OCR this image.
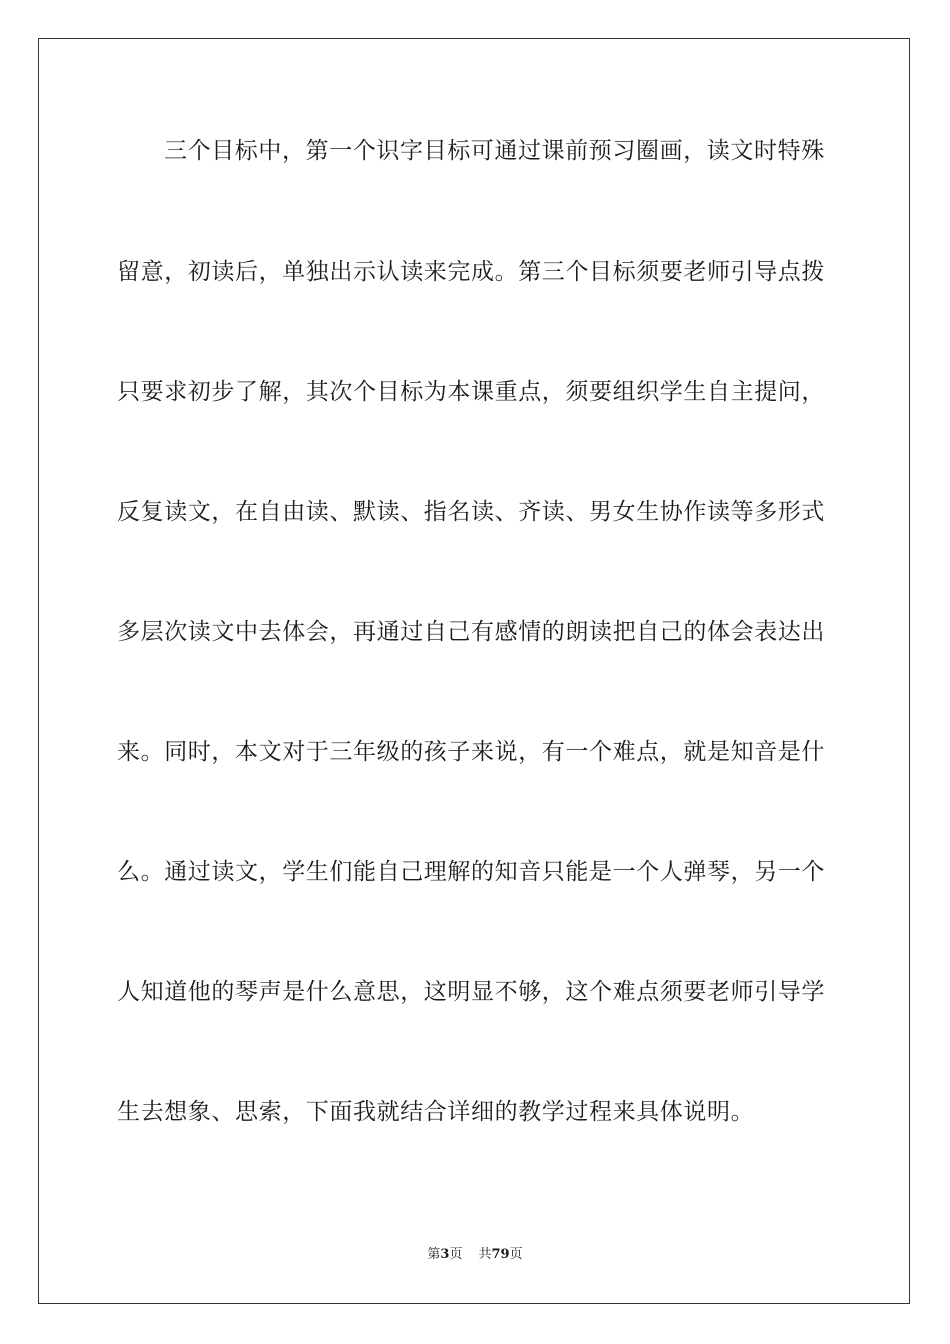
三个目标中，第一个识字目标可通过课前预习圈画，读文时特殊
留意，初读后，单独出示认读来完成。第三个目标须要老师引导点拨
只要求初步了解，其次个目标为本课重点，须要组织学生自主提问，
反复读文，在自由读、默读、指名读、齐读、男女生协作读等多形式
多层次读文中去体会，再通过自己有感情的朗读把自己的体会表达出
来。同时，本文对于三年级的孩子来说，有一个难点，就是知音是什
么。通过读文，学生们能自己理解的知音只能是一个人弹琴，另一个
人知道他的琴声是什么意思，这明显不够，这个难点须要老师引导学
生去想象、思索，下面我就结合详细的教学过程来具体说明。
第3页 共79页
